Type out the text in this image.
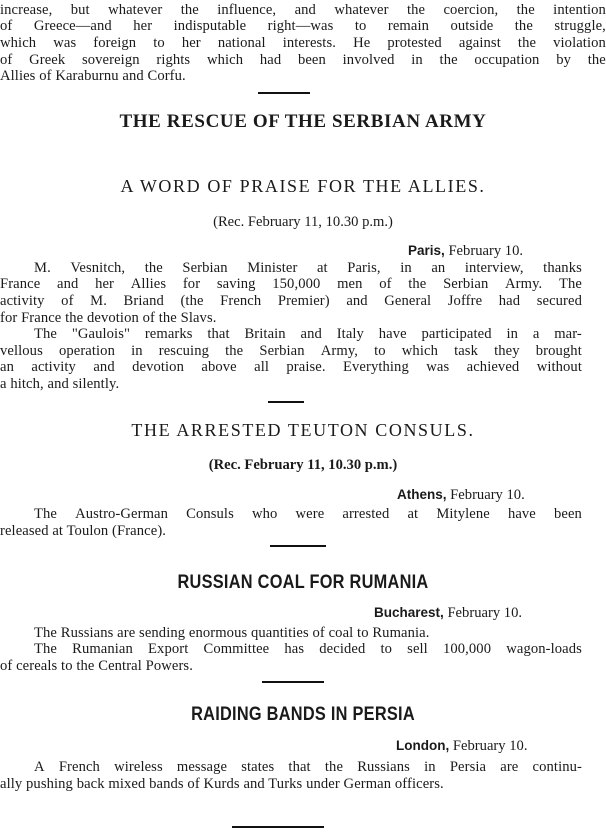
increase, but whatever the influence, and whatever the coercion, the intention
of Greece—and her indisputable right—was to remain outside the struggle,
which was foreign to her national interests. He protested against the violation
of Greek sovereign rights which had been involved in the occupation by the
Allies of Karaburnu and Corfu.
THE RESCUE OF THE SERBIAN ARMY
A WORD OF PRAISE FOR THE ALLIES.
(Rec. February 11, 10.30 p.m.)
Paris, February 10.
M. Vesnitch, the Serbian Minister at Paris, in an interview, thanks
France and her Allies for saving 150,000 men of the Serbian Army. The
activity of M. Briand (the French Premier) and General Joffre had secured
for France the devotion of the Slavs.
The "Gaulois" remarks that Britain and Italy have participated in a mar-
vellous operation in rescuing the Serbian Army, to which task they brought
an activity and devotion above all praise. Everything was achieved without
a hitch, and silently.
THE ARRESTED TEUTON CONSULS.
(Rec. February 11, 10.30 p.m.)
Athens, February 10.
The Austro-German Consuls who were arrested at Mitylene have been
released at Toulon (France).
RUSSIAN COAL FOR RUMANIA
Bucharest, February 10.
The Russians are sending enormous quantities of coal to Rumania.
The Rumanian Export Committee has decided to sell 100,000 wagon-loads
of cereals to the Central Powers.
RAIDING BANDS IN PERSIA
London, February 10.
A French wireless message states that the Russians in Persia are continu-
ally pushing back mixed bands of Kurds and Turks under German officers.
